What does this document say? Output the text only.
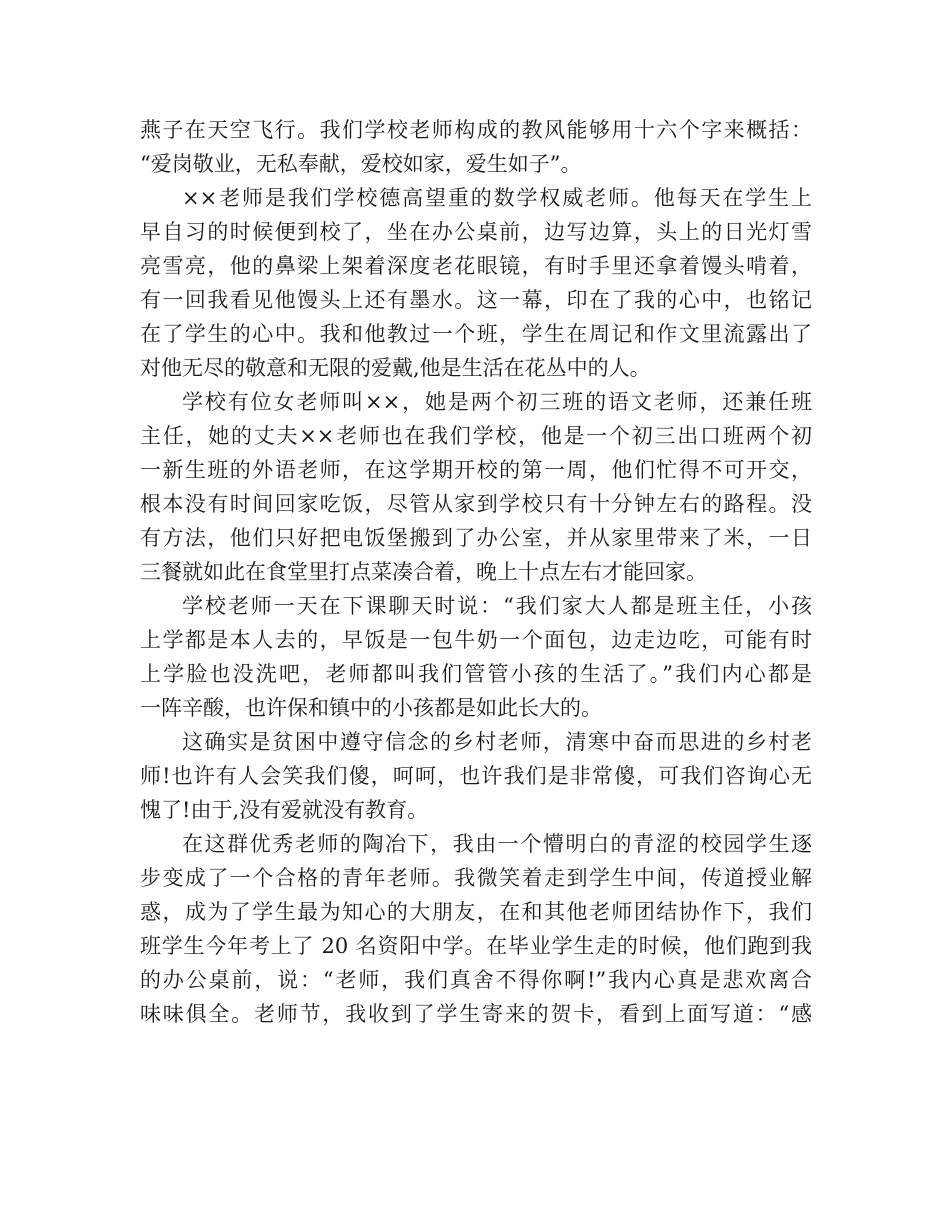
燕子在天空飞行。我们学校老师构成的教风能够用十六个字来概括：
“爱岗敬业，无私奉献，爱校如家，爱生如子”。
××老师是我们学校德高望重的数学权威老师。他每天在学生上
早自习的时候便到校了，坐在办公桌前，边写边算，头上的日光灯雪
亮雪亮，他的鼻梁上架着深度老花眼镜，有时手里还拿着馒头啃着，
有一回我看见他馒头上还有墨水。这一幕，印在了我的心中，也铭记
在了学生的心中。我和他教过一个班，学生在周记和作文里流露出了
对他无尽的敬意和无限的爱戴,他是生活在花丛中的人。
学校有位女老师叫××，她是两个初三班的语文老师，还兼任班
主任，她的丈夫××老师也在我们学校，他是一个初三出口班两个初
一新生班的外语老师，在这学期开校的第一周，他们忙得不可开交，
根本没有时间回家吃饭，尽管从家到学校只有十分钟左右的路程。没
有方法，他们只好把电饭堡搬到了办公室，并从家里带来了米，一日
三餐就如此在食堂里打点菜凑合着，晚上十点左右才能回家。
学校老师一天在下课聊天时说：“我们家大人都是班主任，小孩
上学都是本人去的，早饭是一包牛奶一个面包，边走边吃，可能有时
上学脸也没洗吧，老师都叫我们管管小孩的生活了。”我们内心都是
一阵辛酸，也许保和镇中的小孩都是如此长大的。
这确实是贫困中遵守信念的乡村老师，清寒中奋而思进的乡村老
师!也许有人会笑我们傻，呵呵，也许我们是非常傻，可我们咨询心无
愧了!由于,没有爱就没有教育。
在这群优秀老师的陶冶下，我由一个懵明白的青涩的校园学生逐
步变成了一个合格的青年老师。我微笑着走到学生中间，传道授业解
惑，成为了学生最为知心的大朋友，在和其他老师团结协作下，我们
班学生今年考上了 20 名资阳中学。在毕业学生走的时候，他们跑到我
的办公桌前，说：“老师，我们真舍不得你啊!”我内心真是悲欢离合
味味俱全。老师节，我收到了学生寄来的贺卡，看到上面写道：“感
